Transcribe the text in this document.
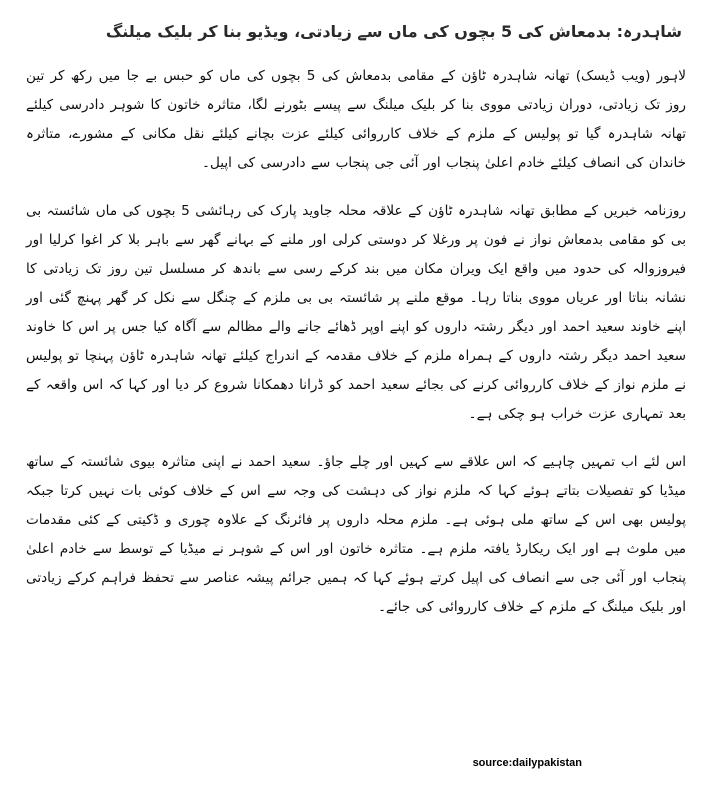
شاہدرہ: بدمعاش کی 5 بچوں کی ماں سے زیادتی، ویڈیو بنا کر بلیک میلنگ

لاہور (ویب ڈیسک) تھانہ شاہدرہ ٹاﺅن کے مقامی بدمعاش کی 5 بچوں کی ماں کو حبس بے جا میں رکھ کر تین روز تک زیادتی، دوران زیادتی مووی بنا کر بلیک میلنگ سے پیسے بٹورنے لگا، متاثرہ خاتون کا شوہر دادرسی کیلئے تھانہ شاہدرہ گیا تو پولیس کے ملزم کے خلاف کارروائی کیلئے عزت بچانے کیلئے نقل مکانی کے مشورے، متاثرہ خاندان کی انصاف کیلئے خادم اعلیٰ پنجاب اور آئی جی پنجاب سے دادرسی کی اپیل۔

روزنامہ خبریں کے مطابق تھانہ شاہدرہ ٹاﺅن کے علاقہ محلہ جاوید پارک کی رہائشی 5 بچوں کی ماں شائستہ بی بی کو مقامی بدمعاش نواز نے فون پر ورغلا کر دوستی کرلی اور ملنے کے بہانے گھر سے باہر بلا کر اغوا کرلیا اور فیروزوالہ کی حدود میں واقع ایک ویران مکان میں بند کرکے رسی سے باندھ کر مسلسل تین روز تک زیادتی کا نشانہ بناتا اور عریاں مووی بناتا رہا۔ موقع ملنے پر شائستہ بی بی ملزم کے چنگل سے نکل کر گھر پہنچ گئی اور اپنے خاوند سعید احمد اور دیگر رشتہ داروں کو اپنے اوپر ڈھائے جانے والے مظالم سے آگاہ کیا جس پر اس کا خاوند سعید احمد دیگر رشتہ داروں کے ہمراہ ملزم کے خلاف مقدمہ کے اندراج کیلئے تھانہ شاہدرہ ٹاﺅن پہنچا تو پولیس نے ملزم نواز کے خلاف کارروائی کرنے کی بجائے سعید احمد کو ڈرانا دھمکانا شروع کر دیا اور کہا کہ اس واقعہ کے بعد تمہاری عزت خراب ہو چکی ہے۔

اس لئے اب تمہیں چاہیے کہ اس علاقے سے کہیں اور چلے جاﺅ۔ سعید احمد نے اپنی متاثرہ بیوی شائستہ کے ساتھ میڈیا کو تفصیلات بتاتے ہوئے کہا کہ ملزم نواز کی دہشت کی وجہ سے اس کے خلاف کوئی بات نہیں کرتا جبکہ پولیس بھی اس کے ساتھ ملی ہوئی ہے۔ ملزم محلہ داروں پر فائرنگ کے علاوہ چوری و ڈکیتی کے کئی مقدمات میں ملوث ہے اور ایک ریکارڈ یافتہ ملزم ہے۔ متاثرہ خاتون اور اس کے شوہر نے میڈیا کے توسط سے خادم اعلیٰ پنجاب اور آئی جی سے انصاف کی اپیل کرتے ہوئے کہا کہ ہمیں جرائم پیشہ عناصر سے تحفظ فراہم کرکے زیادتی اور بلیک میلنگ کے ملزم کے خلاف کارروائی کی جائے۔

source:dailypakistan
